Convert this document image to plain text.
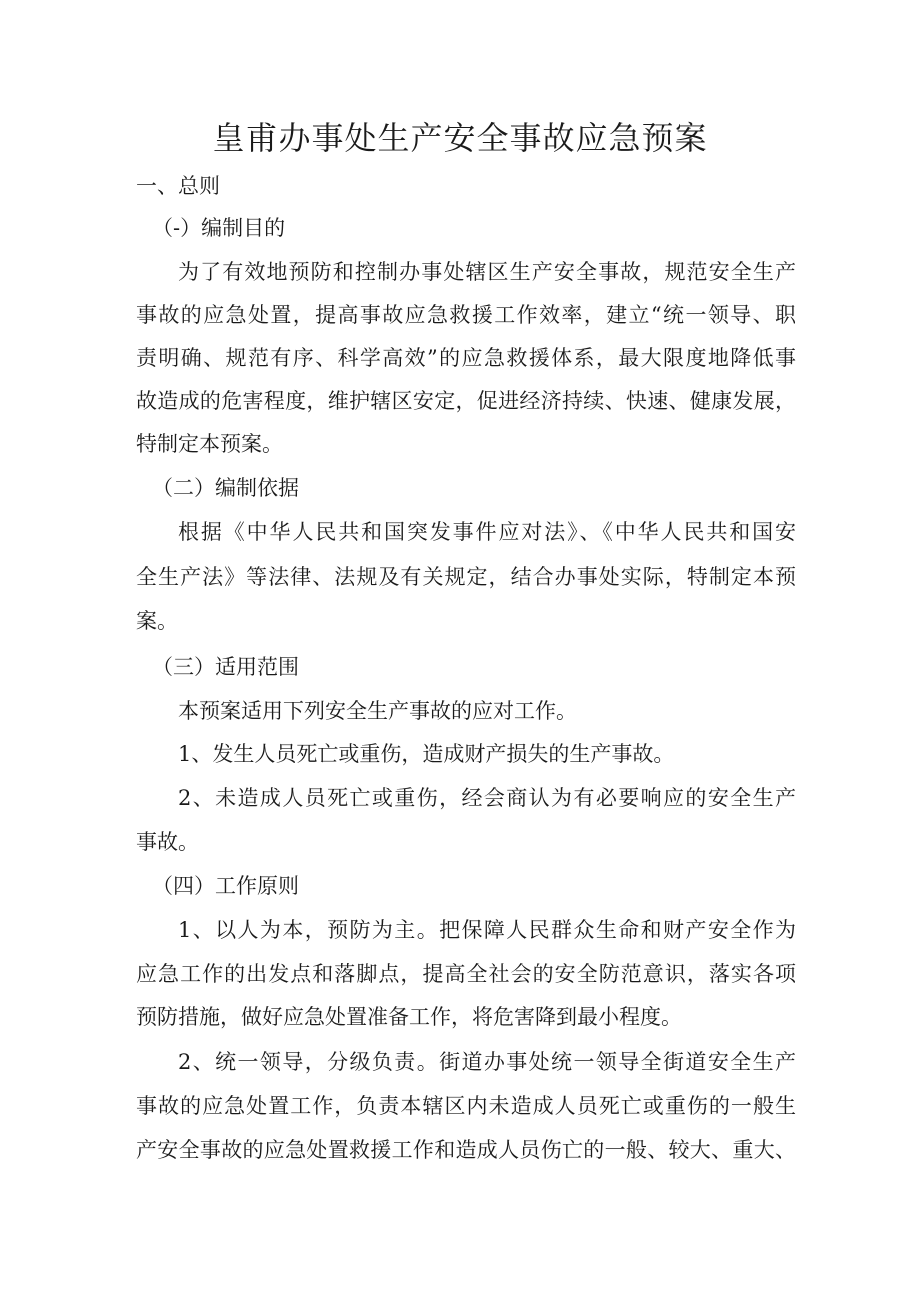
皇甫办事处生产安全事故应急预案

一、总则

（-）编制目的

为了有效地预防和控制办事处辖区生产安全事故，规范安全生产

事故的应急处置，提高事故应急救援工作效率，建立“统一领导、职

责明确、规范有序、科学高效”的应急救援体系，最大限度地降低事

故造成的危害程度，维护辖区安定，促进经济持续、快速、健康发展，

特制定本预案。

（二）编制依据

根据《中华人民共和国突发事件应对法》、《中华人民共和国安

全生产法》等法律、法规及有关规定，结合办事处实际，特制定本预

案。

（三）适用范围

本预案适用下列安全生产事故的应对工作。

1、发生人员死亡或重伤，造成财产损失的生产事故。

2、未造成人员死亡或重伤，经会商认为有必要响应的安全生产

事故。

（四）工作原则

1、以人为本，预防为主。把保障人民群众生命和财产安全作为

应急工作的出发点和落脚点，提高全社会的安全防范意识，落实各项

预防措施，做好应急处置准备工作，将危害降到最小程度。

2、统一领导，分级负责。街道办事处统一领导全街道安全生产

事故的应急处置工作，负责本辖区内未造成人员死亡或重伤的一般生

产安全事故的应急处置救援工作和造成人员伤亡的一般、较大、重大、
